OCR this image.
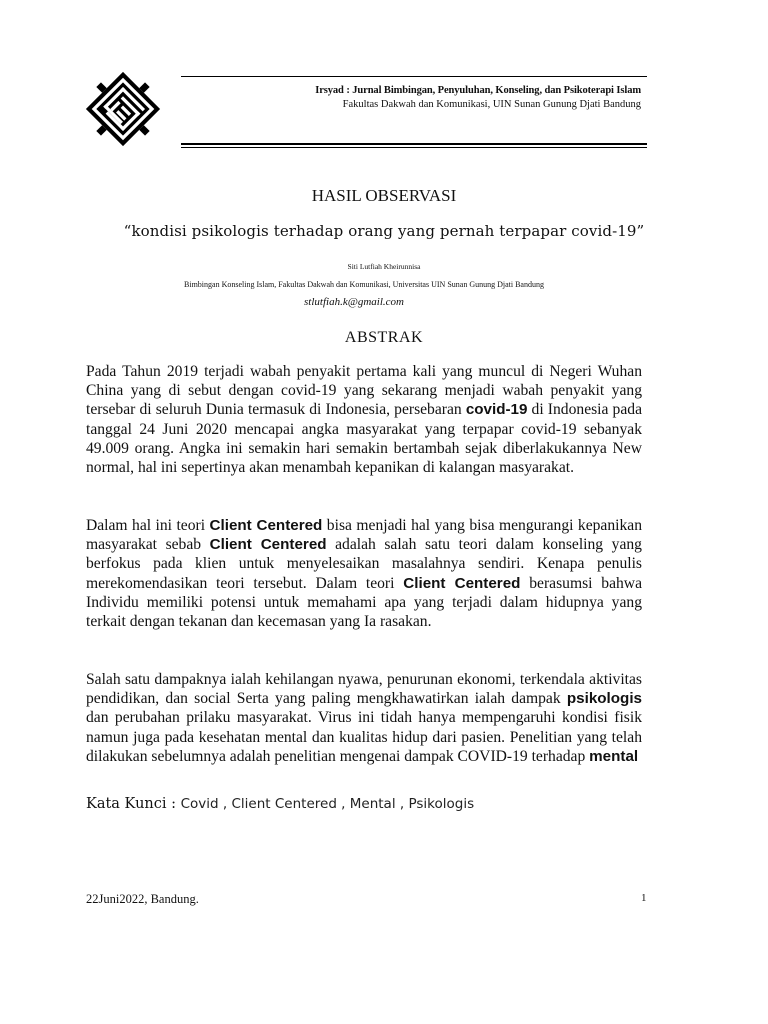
Irsyad : Jurnal Bimbingan, Penyuluhan, Konseling, dan Psikoterapi Islam
Fakultas Dakwah dan Komunikasi, UIN Sunan Gunung Djati Bandung
HASIL OBSERVASI
“kondisi psikologis terhadap orang yang pernah terpapar covid-19”
Siti Lutfiah Kheirunnisa
Bimbingan Konseling Islam, Fakultas Dakwah dan Komunikasi, Universitas UIN Sunan Gunung Djati Bandung
stlutfiah.k@gmail.com
ABSTRAK
Pada Tahun 2019 terjadi wabah penyakit pertama kali yang muncul di Negeri Wuhan China yang di sebut dengan covid-19 yang sekarang menjadi wabah penyakit yang tersebar di seluruh Dunia termasuk di Indonesia, persebaran covid-19 di Indonesia pada tanggal 24 Juni 2020 mencapai angka masyarakat yang terpapar covid-19 sebanyak 49.009 orang. Angka ini semakin hari semakin bertambah sejak diberlakukannya New normal, hal ini sepertinya akan menambah kepanikan di kalangan masyarakat.
Dalam hal ini teori Client Centered bisa menjadi hal yang bisa mengurangi kepanikan masyarakat sebab Client Centered adalah salah satu teori dalam konseling yang berfokus pada klien untuk menyelesaikan masalahnya sendiri. Kenapa penulis merekomendasikan teori tersebut. Dalam teori Client Centered berasumsi bahwa Individu memiliki potensi untuk memahami apa yang terjadi dalam hidupnya yang terkait dengan tekanan dan kecemasan yang Ia rasakan.
Salah satu dampaknya ialah kehilangan nyawa, penurunan ekonomi, terkendala aktivitas pendidikan, dan social Serta yang paling mengkhawatirkan ialah dampak psikologis dan perubahan prilaku masyarakat. Virus ini tidah hanya mempengaruhi kondisi fisik namun juga pada kesehatan mental dan kualitas hidup dari pasien. Penelitian yang telah dilakukan sebelumnya adalah penelitian mengenai dampak COVID-19 terhadap mental
Kata Kunci : Covid , Client Centered , Mental , Psikologis
22Juni2022, Bandung.	1
